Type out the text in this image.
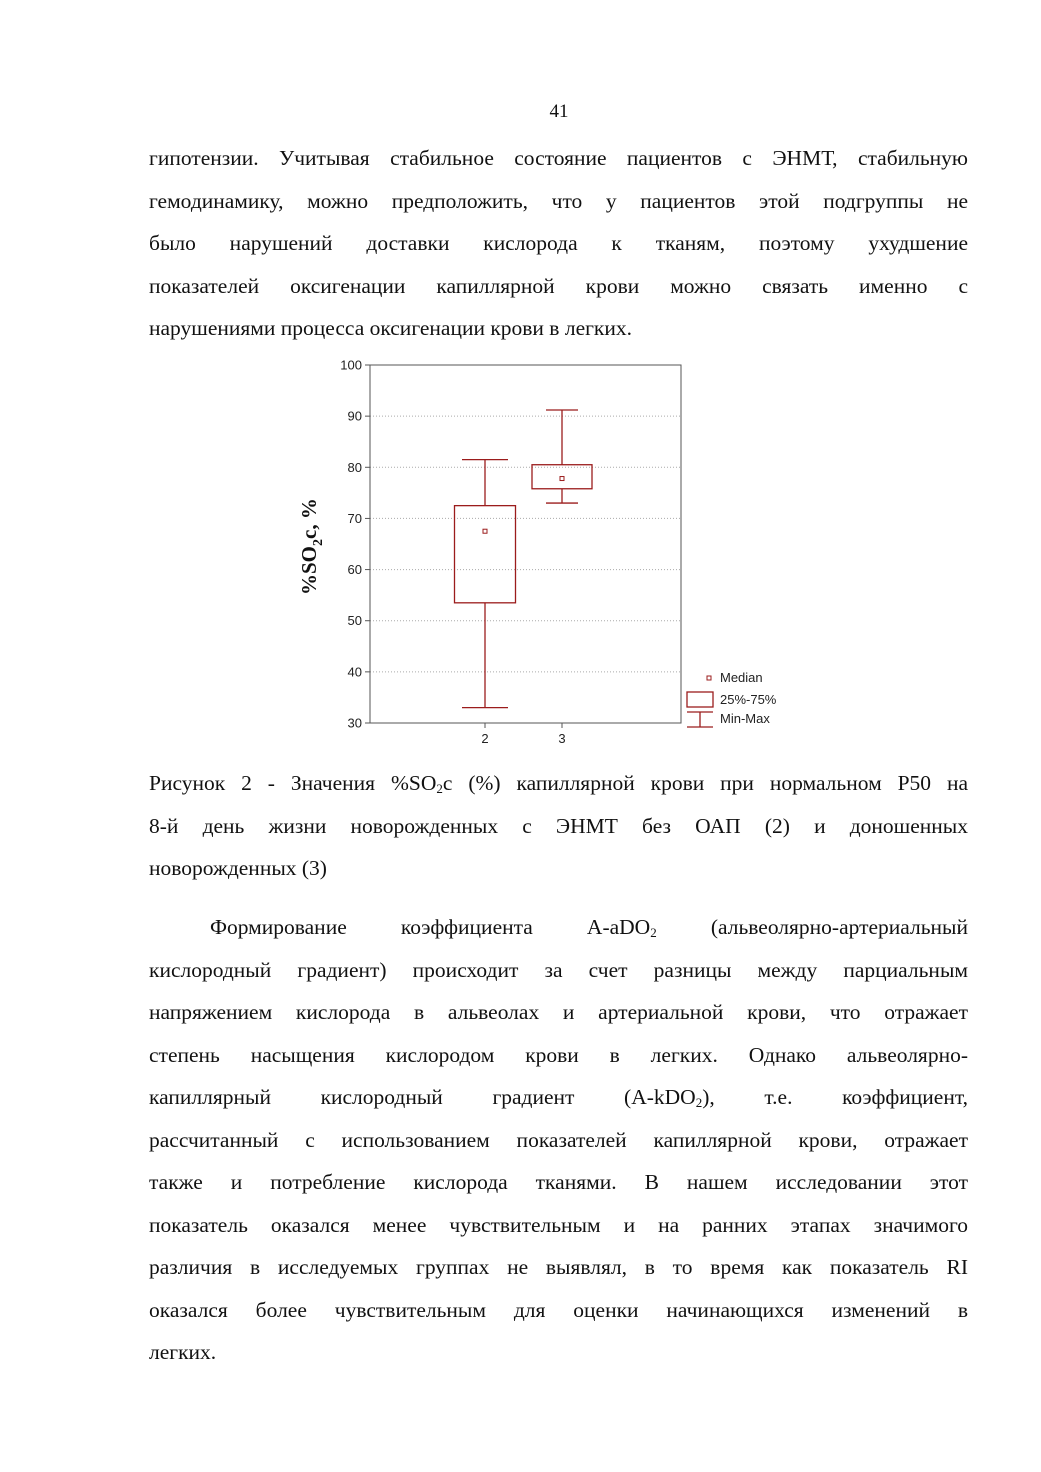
41
гипотензии. Учитывая стабильное состояние пациентов с ЭНМТ, стабильную
гемодинамику, можно предположить, что у пациентов этой подгруппы не
было нарушений доставки кислорода к тканям, поэтому ухудшение
показателей оксигенации капиллярной крови можно связать именно с
нарушениями процесса оксигенации крови в легких.
30
40
50
60
70
80
90
100
2	3
$\%SO_2c$, %
Median
25%-75%
Min-Max
Рисунок 2 - Значения $\%SO_2c$ (%) капиллярной крови при нормальном Р50 на
8-й день жизни новорожденных с ЭНМТ без ОАП (2) и доношенных
новорожденных (3)
Формирование коэффициента A-aDO$_2$ (альвеолярно-артериальный
кислородный градиент) происходит за счет разницы между парциальным
напряжением кислорода в альвеолах и артериальной крови, что отражает
степень насыщения кислородом крови в легких. Однако альвеолярно-
капиллярный кислородный градиент (A-kDO$_2$), т.е. коэффициент,
рассчитанный с использованием показателей капиллярной крови, отражает
также и потребление кислорода тканями. В нашем исследовании этот
показатель оказался менее чувствительным и на ранних этапах значимого
различия в исследуемых группах не выявлял, в то время как показатель RI
оказался более чувствительным для оценки начинающихся изменений в
легких.
